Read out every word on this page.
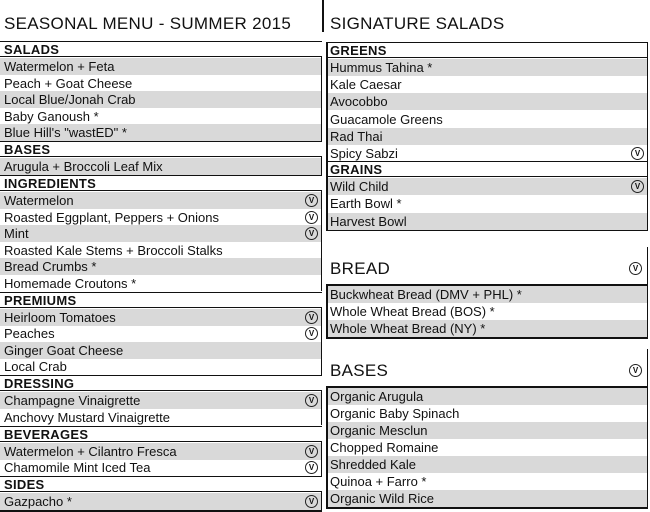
SEASONAL MENU - SUMMER 2015
SALADS
Watermelon + Feta
Peach + Goat Cheese
Local Blue/Jonah Crab
Baby Ganoush *
Blue Hill's "wastED" *
BASES
Arugula + Broccoli Leaf Mix
INGREDIENTS
Watermelon	V
Roasted Eggplant, Peppers + Onions	V
Mint	V
Roasted Kale Stems + Broccoli Stalks
Bread Crumbs *
Homemade Croutons *
PREMIUMS
Heirloom Tomatoes	V
Peaches	V
Ginger Goat Cheese
Local Crab
DRESSING
Champagne Vinaigrette	V
Anchovy Mustard Vinaigrette
BEVERAGES
Watermelon + Cilantro Fresca	V
Chamomile Mint Iced Tea	V
SIDES
Gazpacho *	V
SIGNATURE SALADS
GREENS
Hummus Tahina *
Kale Caesar
Avocobbo
Guacamole Greens
Rad Thai
Spicy Sabzi	V
GRAINS
Wild Child	V
Earth Bowl *
Harvest Bowl
BREAD	V
Buckwheat Bread (DMV + PHL) *
Whole Wheat Bread (BOS) *
Whole Wheat Bread (NY) *
BASES	V
Organic Arugula
Organic Baby Spinach
Organic Mesclun
Chopped Romaine
Shredded Kale
Quinoa + Farro *
Organic Wild Rice
